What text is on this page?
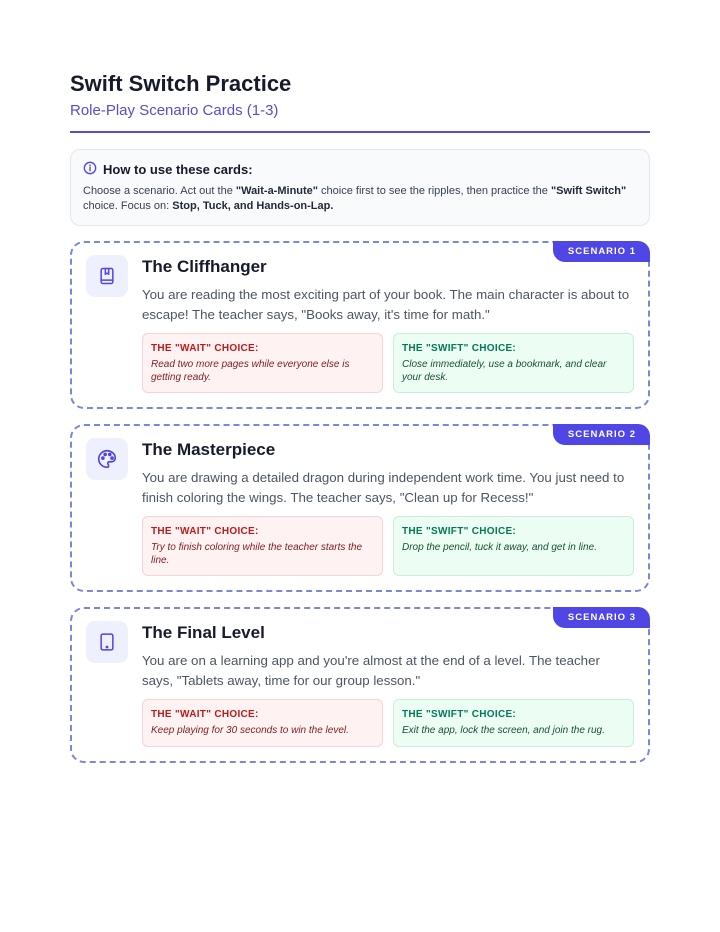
Swift Switch Practice
Role-Play Scenario Cards (1-3)
How to use these cards:
Choose a scenario. Act out the "Wait-a-Minute" choice first to see the ripples, then practice the "Swift Switch" choice. Focus on: Stop, Tuck, and Hands-on-Lap.
SCENARIO 1
The Cliffhanger
You are reading the most exciting part of your book. The main character is about to escape! The teacher says, "Books away, it's time for math."
THE "WAIT" CHOICE:
Read two more pages while everyone else is getting ready.
THE "SWIFT" CHOICE:
Close immediately, use a bookmark, and clear your desk.
SCENARIO 2
The Masterpiece
You are drawing a detailed dragon during independent work time. You just need to finish coloring the wings. The teacher says, "Clean up for Recess!"
THE "WAIT" CHOICE:
Try to finish coloring while the teacher starts the line.
THE "SWIFT" CHOICE:
Drop the pencil, tuck it away, and get in line.
SCENARIO 3
The Final Level
You are on a learning app and you're almost at the end of a level. The teacher says, "Tablets away, time for our group lesson."
THE "WAIT" CHOICE:
Keep playing for 30 seconds to win the level.
THE "SWIFT" CHOICE:
Exit the app, lock the screen, and join the rug.
